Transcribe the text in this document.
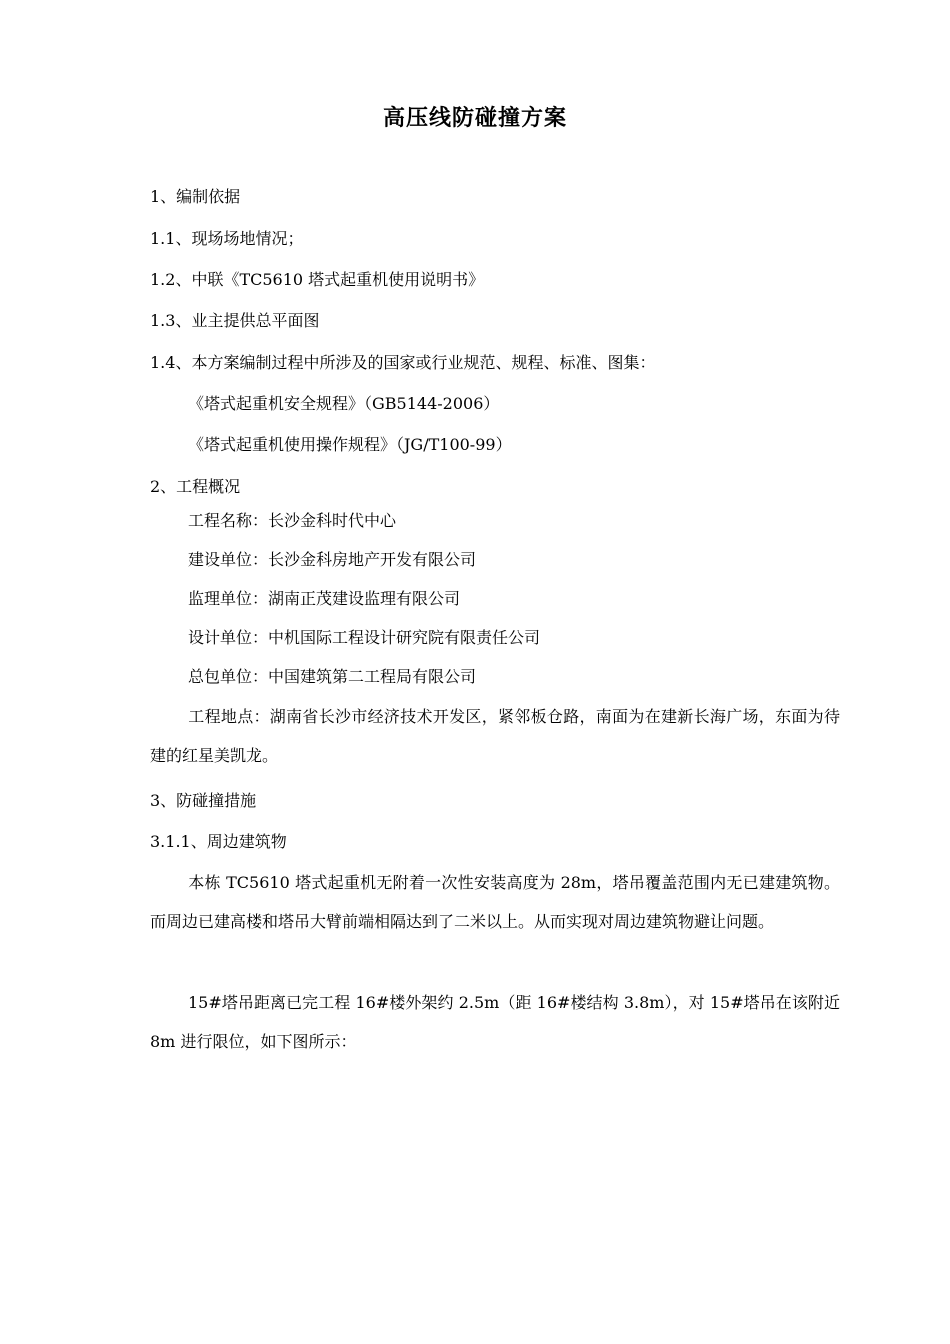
高压线防碰撞方案
1、编制依据
1.1、现场场地情况；
1.2、中联《TC5610 塔式起重机使用说明书》
1.3、业主提供总平面图
1.4、本方案编制过程中所涉及的国家或行业规范、规程、标准、图集：
《塔式起重机安全规程》（GB5144-2006）
《塔式起重机使用操作规程》（JG/T100-99）
2、工程概况
工程名称：长沙金科时代中心
建设单位：长沙金科房地产开发有限公司
监理单位：湖南正茂建设监理有限公司
设计单位：中机国际工程设计研究院有限责任公司
总包单位：中国建筑第二工程局有限公司
工程地点：湖南省长沙市经济技术开发区，紧邻板仓路，南面为在建新长海广场，东面为待建的红星美凯龙。
3、防碰撞措施
3.1.1、周边建筑物
本栋 TC5610 塔式起重机无附着一次性安装高度为 28m，塔吊覆盖范围内无已建建筑物。而周边已建高楼和塔吊大臂前端相隔达到了二米以上。从而实现对周边建筑物避让问题。
15#塔吊距离已完工程 16#楼外架约 2.5m（距 16#楼结构 3.8m），对 15#塔吊在该附近 8m 进行限位，如下图所示：
